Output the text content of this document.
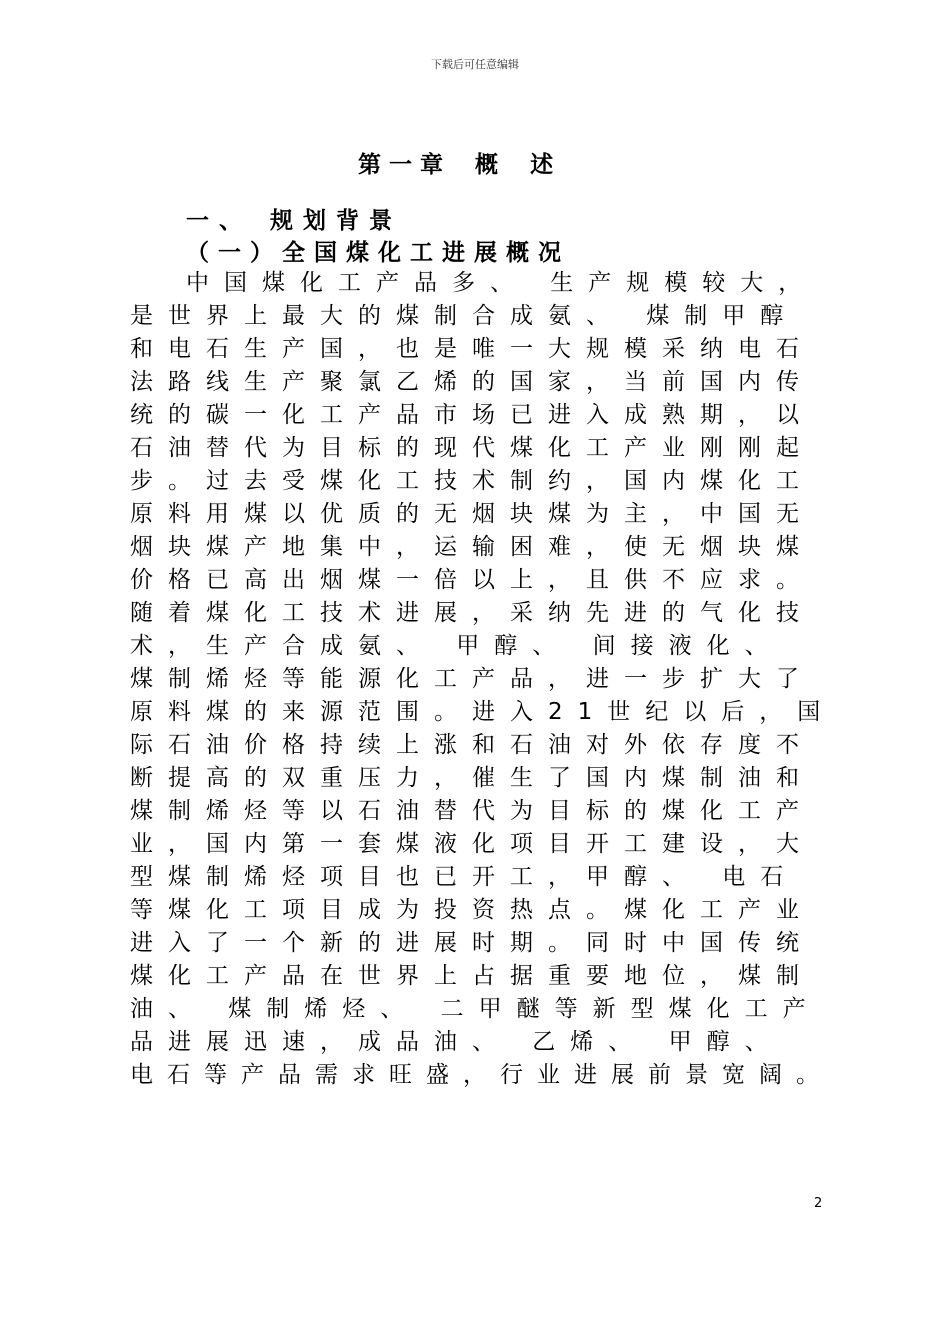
下载后可任意编辑
第 一 章    概    述
一、 规划背景
（一）全国煤化工进展概况
中国煤化工产品多、 生产规模较大，
是世界上最大的煤制合成氨、 煤制甲醇
和电石生产国，也是唯一大规模采纳电石
法路线生产聚氯乙烯的国家，当前国内传
统的碳一化工产品市场已进入成熟期，以
石油替代为目标的现代煤化工产业刚刚起
步。过去受煤化工技术制约，国内煤化工
原料用煤以优质的无烟块煤为主，中国无
烟块煤产地集中，运输困难，使无烟块煤
价格已高出烟煤一倍以上，且供不应求。
随着煤化工技术进展，采纳先进的气化技
术，生产合成氨、 甲醇、 间接液化、
煤制烯烃等能源化工产品，进一步扩大了
原料煤的来源范围。进入21世纪以后，国
际石油价格持续上涨和石油对外依存度不
断提高的双重压力，催生了国内煤制油和
煤制烯烃等以石油替代为目标的煤化工产
业，国内第一套煤液化项目开工建设，大
型煤制烯烃项目也已开工，甲醇、 电石
等煤化工项目成为投资热点。煤化工产业
进入了一个新的进展时期。同时中国传统
煤化工产品在世界上占据重要地位，煤制
油、 煤制烯烃、 二甲醚等新型煤化工产
品进展迅速，成品油、 乙烯、 甲醇、
电石等产品需求旺盛，行业进展前景宽阔。
2
